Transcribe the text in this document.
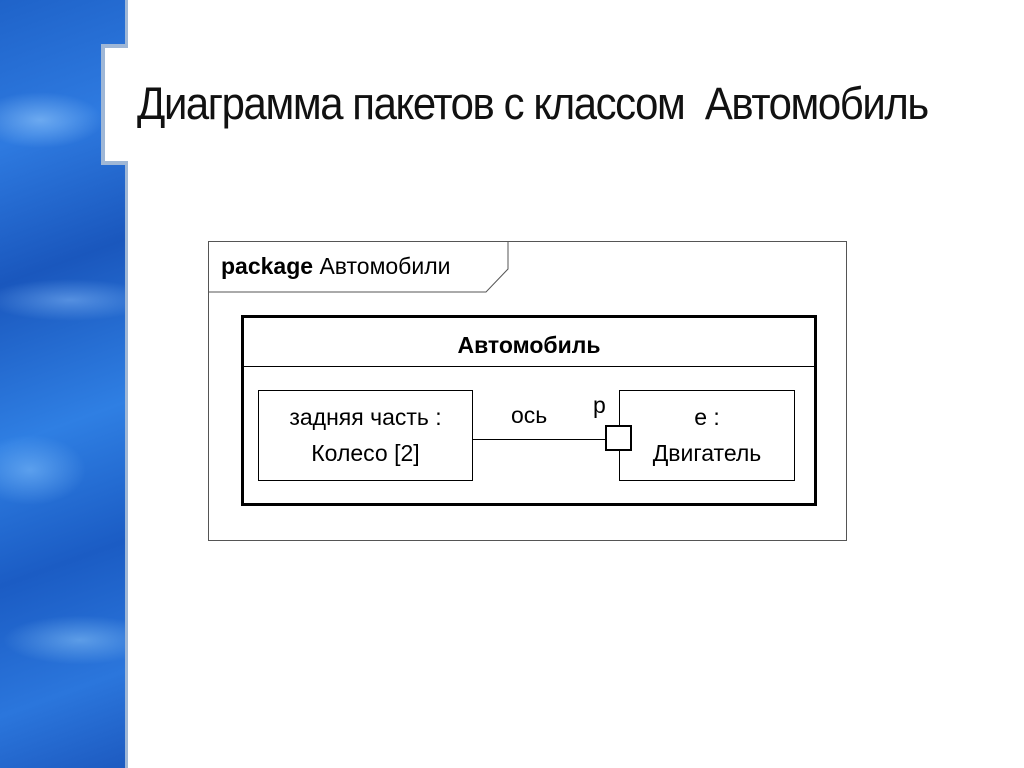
Диаграмма пакетов с классом  Автомобиль
package Автомобили
Автомобиль
задняя часть :
Колесо [2]
ось	е :
Двигатель
p
